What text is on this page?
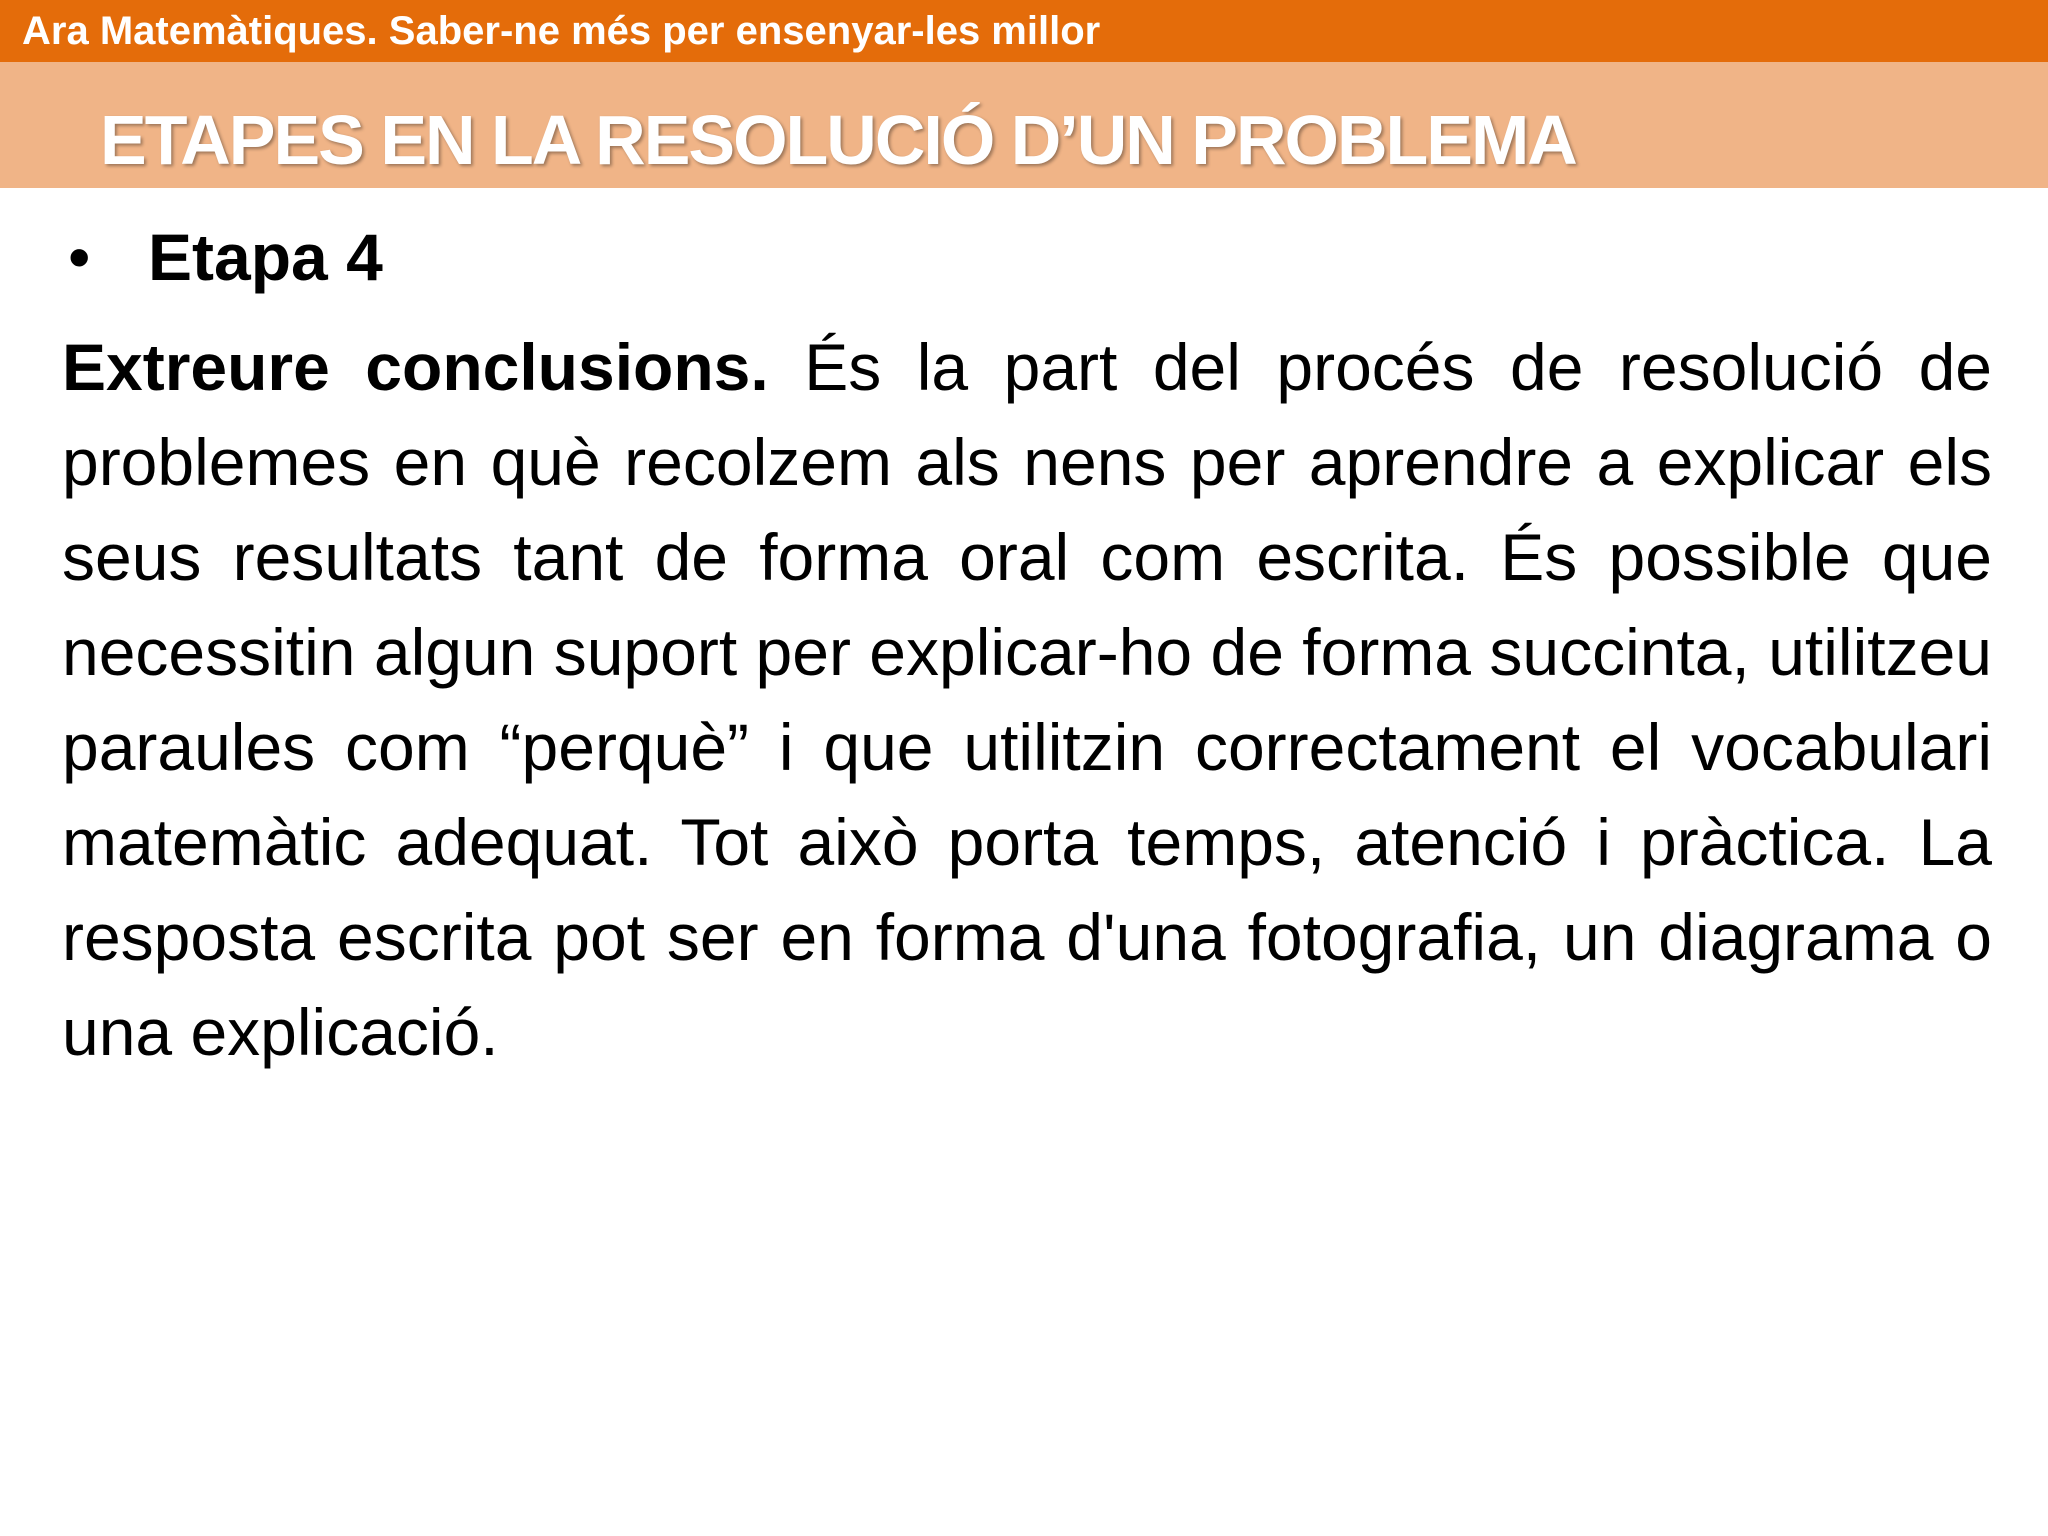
Ara Matemàtiques. Saber-ne més per ensenyar-les millor
ETAPES EN LA RESOLUCIÓ D’UN PROBLEMA
• Etapa 4

Extreure conclusions. És la part del procés de resolució de problemes en què recolzem als nens per aprendre a explicar els seus resultats tant de forma oral com escrita. És possible que necessitin algun suport per explicar-ho de forma succinta, utilitzeu paraules com “perquè” i que utilitzin correctament el vocabulari matemàtic adequat. Tot això porta temps, atenció i pràctica. La resposta escrita pot ser en forma d'una fotografia, un diagrama o una explicació.
